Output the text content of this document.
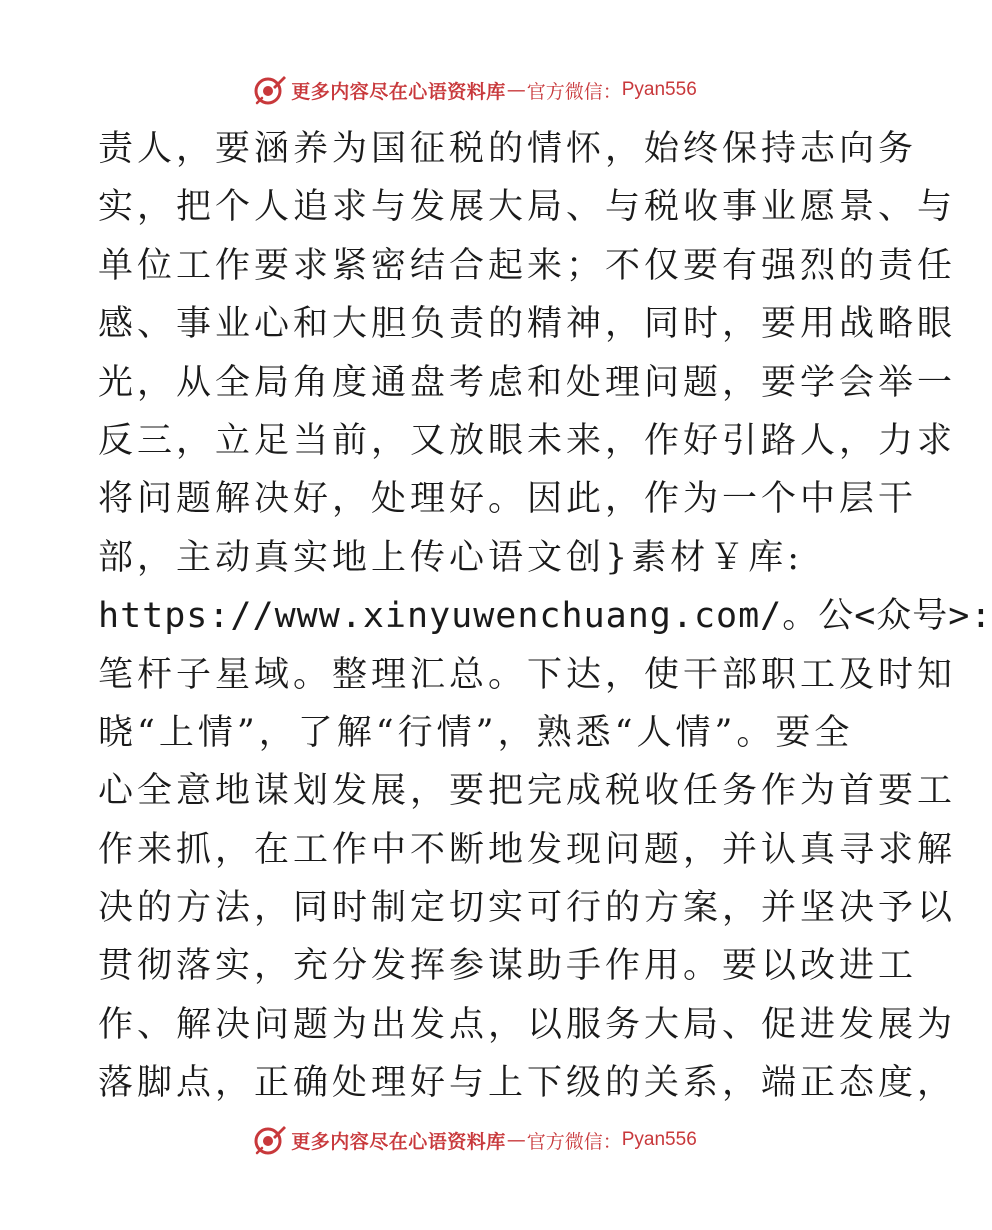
更多内容尽在心语资料库 — 官方微信： Pyan556
责人，要涵养为国征税的情怀，始终保持志向务
实，把个人追求与发展大局、与税收事业愿景、与
单位工作要求紧密结合起来；不仅要有强烈的责任
感、事业心和大胆负责的精神，同时，要用战略眼
光，从全局角度通盘考虑和处理问题，要学会举一
反三，立足当前，又放眼未来，作好引路人，力求
将问题解决好，处理好。因此，作为一个中层干
部，主动真实地上传心语文创}素材￥库:
https://www.xinyuwenchuang.com/。公<众号>:
笔杆子星域。整理汇总。下达，使干部职工及时知
晓“上情”，了解“行情”，熟悉“人情”。要全
心全意地谋划发展，要把完成税收任务作为首要工
作来抓，在工作中不断地发现问题，并认真寻求解
决的方法，同时制定切实可行的方案，并坚决予以
贯彻落实，充分发挥参谋助手作用。要以改进工
作、解决问题为出发点，以服务大局、促进发展为
落脚点，正确处理好与上下级的关系，端正态度，
更多内容尽在心语资料库 — 官方微信： Pyan556
